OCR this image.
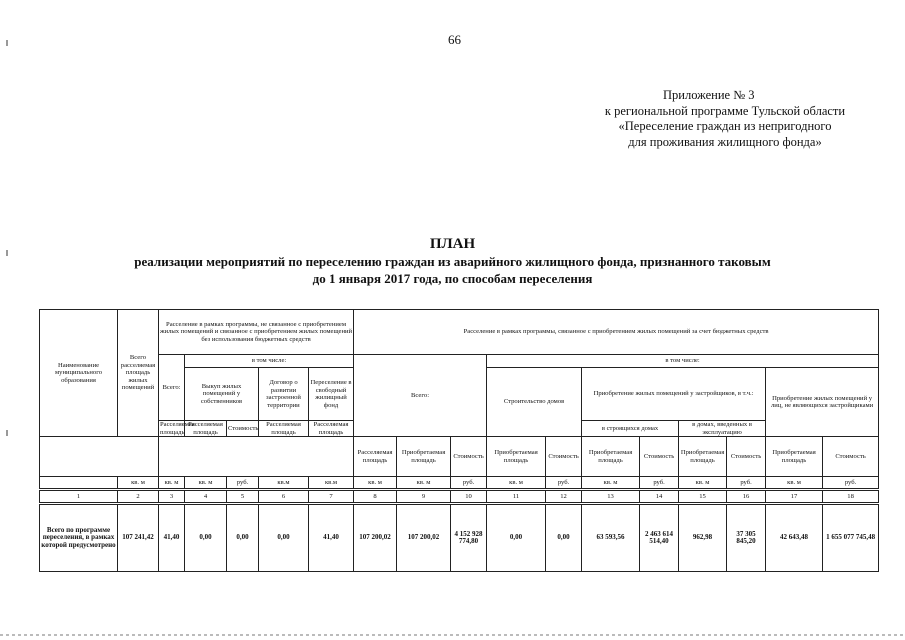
66
Приложение № 3
к региональной программе Тульской области
«Переселение граждан из непригодного
для проживания жилищного фонда»
ПЛАН
реализации мероприятий по переселению граждан из аварийного жилищного фонда, признанного таковым
до 1 января 2017 года, по способам переселения
Наименование муниципального образования	Всего расселяемая площадь жилых помещений	Расселение в рамках программы, не связанное с приобретением жилых помещений и связанное с приобретением жилых помещений без использования бюджетных средств					Расселение в рамках программы, связанное с приобретением жилых помещений за счет бюджетных средств										
		Всего:	в том числе:				Всего:			в том числе:							
			Выкуп жилых помещений у собственников		Договор о развитии застроенной территории	Переселение в свободный жилищный фонд				Строительство домов		Приобретение жилых помещений у застройщиков, в т.ч.:				Приобретение жилых помещений у лиц, не являющихся застройщиками	
		Расселяемая площадь	Расселяемая площадь	Стоимость	Расселяемая площадь	Расселяемая площадь						в строящихся домах		в домах, введенных в эксплуатацию			
							Расселяемая площадь	Приобретаемая площадь	Стоимость	Приобретаемая площадь	Стоимость	Приобретаемая площадь	Стоимость	Приобретаемая площадь	Стоимость	Приобретаемая площадь	Стоимость
	кв. м	кв. м	кв. м	руб.	кв.м	кв.м	кв. м	кв. м	руб.	кв. м	руб.	кв. м	руб.	кв. м	руб.	кв. м	руб.
1	2	3	4	5	6	7	8	9	10	11	12	13	14	15	16	17	18
Всего по программе переселения, в рамках которой предусмотрено	107 241,42	41,40	0,00	0,00	0,00	41,40	107 200,02	107 200,02	4 152 928 774,80	0,00	0,00	63 593,56	2 463 614 514,40	962,98	37 305 845,20	42 643,48	1 655 077 745,48
